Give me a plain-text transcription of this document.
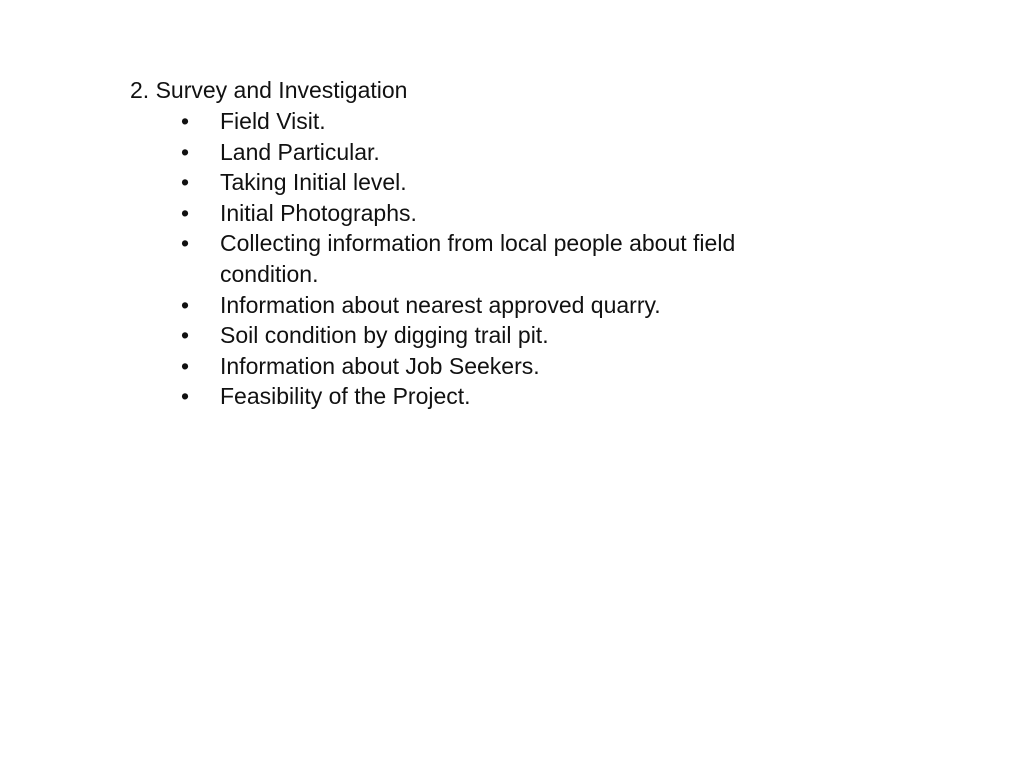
2. Survey and Investigation
•	Field Visit.
•	Land Particular.
•	Taking Initial level.
•	Initial Photographs.
•	Collecting information from local people about field condition.
•	Information about nearest approved quarry.
•	Soil condition by digging trail pit.
•	Information about Job Seekers.
•	Feasibility of the Project.
